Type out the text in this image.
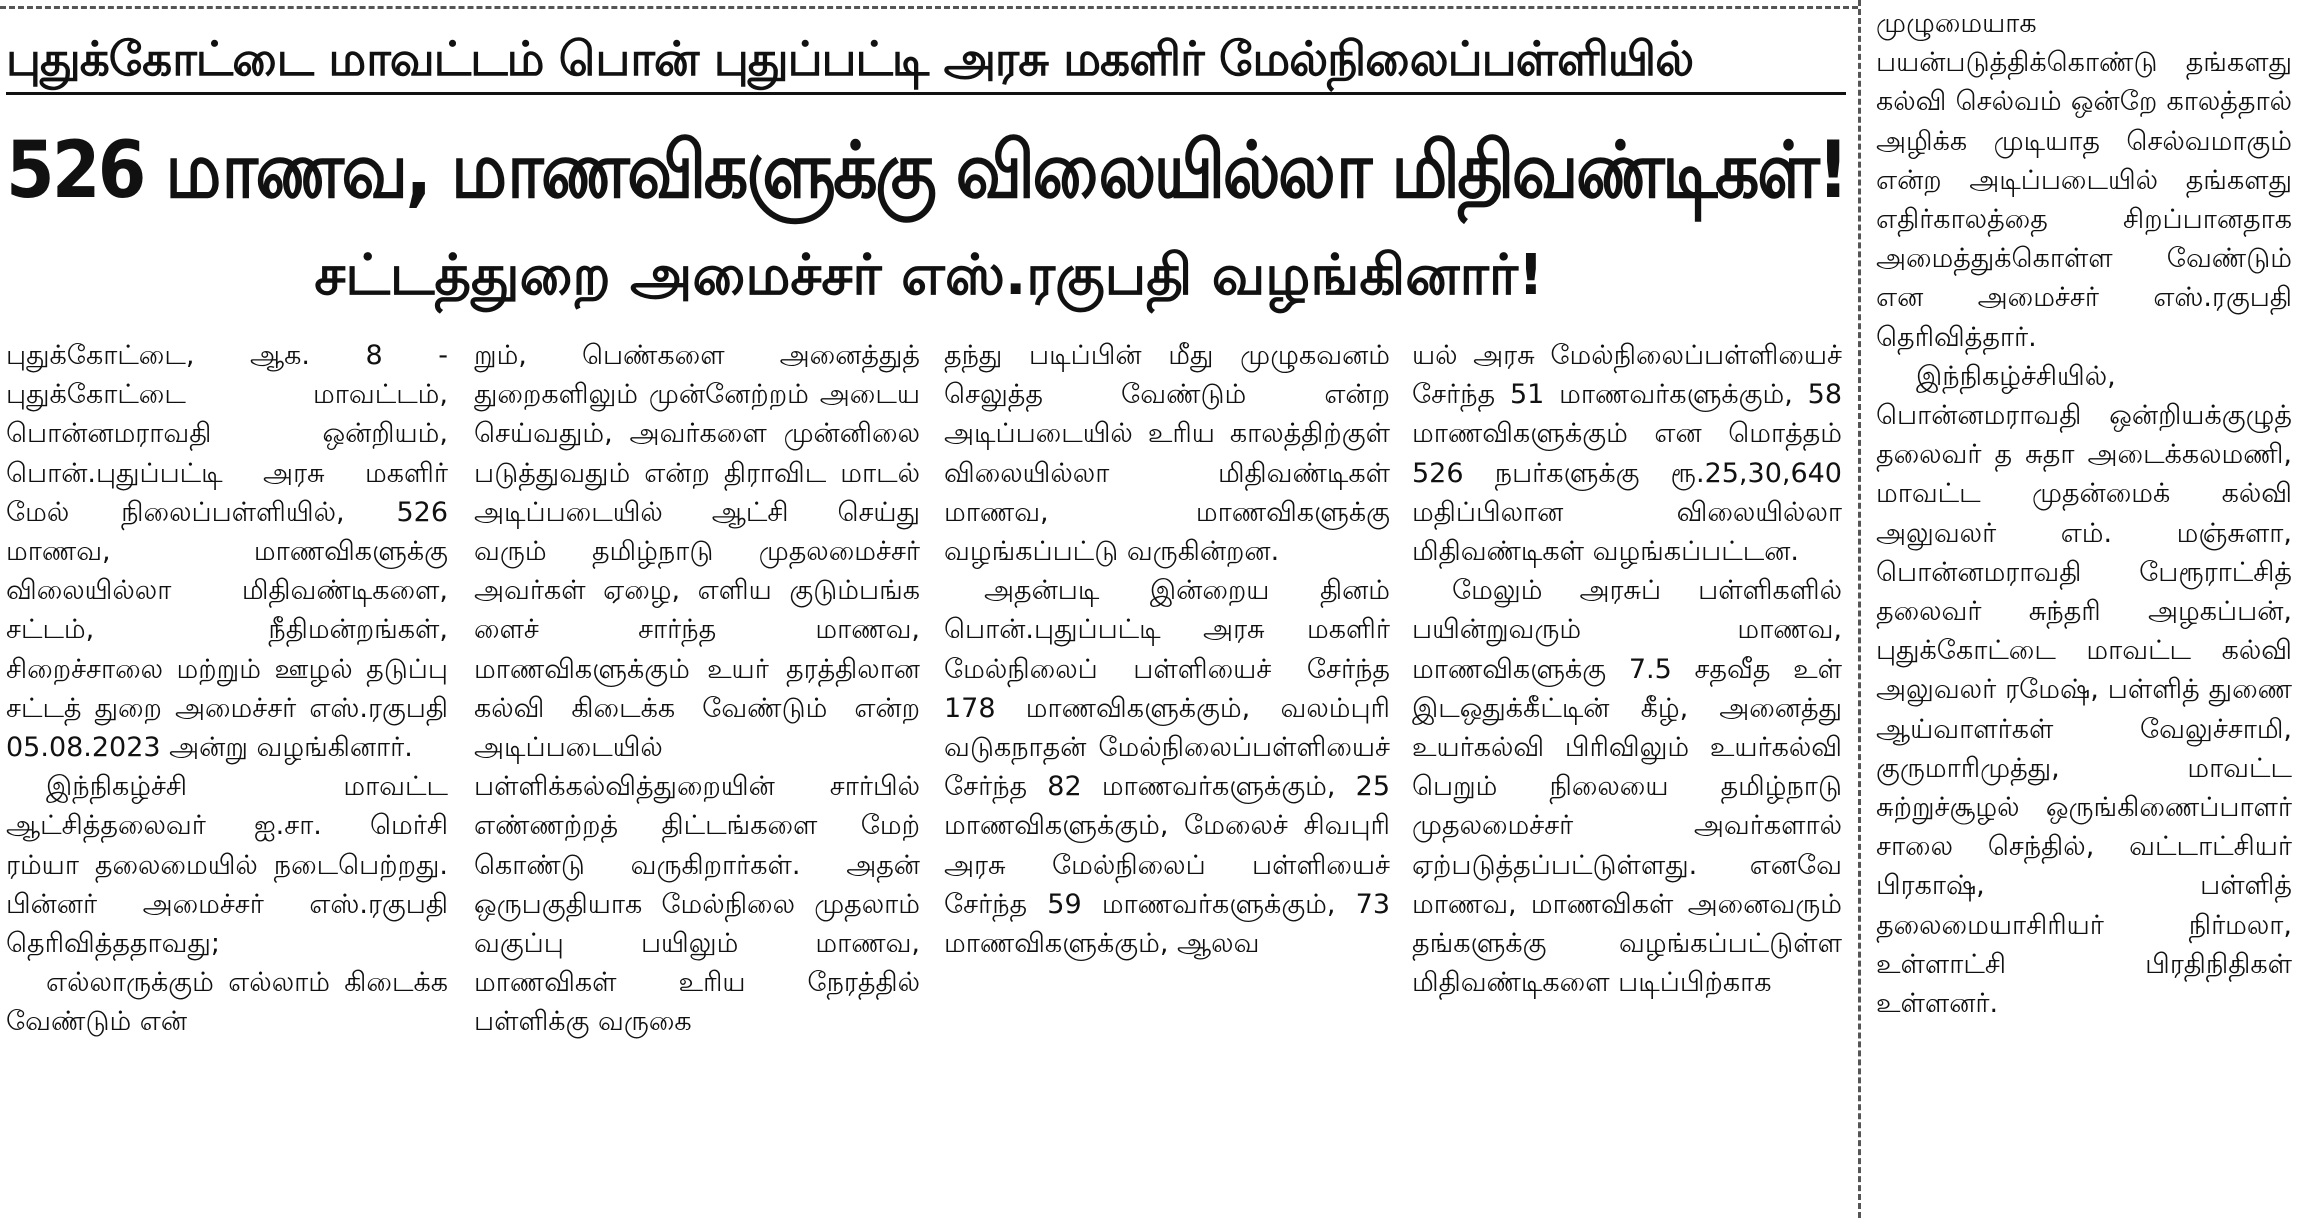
புதுக்கோட்டை மாவட்டம் பொன் புதுப்பட்டி அரசு மகளிர் மேல்நிலைப்பள்ளியில்
526 மாணவ, மாணவிகளுக்கு விலையில்லா மிதிவண்டிகள்!
சட்டத்துறை அமைச்சர் எஸ்.ரகுபதி வழங்கினார்!

புதுக்கோட்டை, ஆக. 8 - புதுக்கோட்டை மாவட்டம், பொன்னமராவதி ஒன்றியம், பொன்.புதுப்பட்டி அரசு மகளிர் மேல் நிலைப்பள்ளியில், 526 மாணவ, மாணவிகளுக்கு விலையில்லா மிதிவண்டிகளை, சட்டம், நீதிமன்றங்கள், சிறைச்சாலை மற்றும் ஊழல் தடுப்பு சட்டத் துறை அமைச்சர் எஸ்.ரகுபதி 05.08.2023 அன்று வழங்கினார்.

இந்நிகழ்ச்சி மாவட்ட ஆட்சித்தலைவர் ஐ.சா. மெர்சி ரம்யா தலைமையில் நடைபெற்றது. பின்னர் அமைச்சர் எஸ்.ரகுபதி தெரிவித்ததாவது;

எல்லாருக்கும் எல்லாம் கிடைக்க வேண்டும் என்

றும், பெண்களை அனைத்துத் துறைகளிலும் முன்னேற்றம் அடைய செய்வதும், அவர்களை முன்னிலை படுத்துவதும் என்ற திராவிட மாடல் அடிப்படையில் ஆட்சி செய்து வரும் தமிழ்நாடு முதலமைச்சர் அவர்கள் ஏழை, எளிய குடும்பங்க ளைச் சார்ந்த மாணவ, மாணவிகளுக்கும் உயர் தரத்திலான கல்வி கிடைக்க வேண்டும் என்ற அடிப்படையில் பள்ளிக்கல்வித்துறையின் சார்பில் எண்ணற்றத் திட்டங்களை மேற் கொண்டு வருகிறார்கள். அதன் ஒருபகுதியாக மேல்நிலை முதலாம் வகுப்பு பயிலும் மாணவ, மாணவிகள் உரிய நேரத்தில் பள்ளிக்கு வருகை

தந்து படிப்பின் மீது முழுகவனம் செலுத்த வேண்டும் என்ற அடிப்படையில் உரிய காலத்திற்குள் விலையில்லா மிதிவண்டிகள் மாணவ, மாணவிகளுக்கு வழங்கப்பட்டு வருகின்றன.

அதன்படி இன்றைய தினம் பொன்.புதுப்பட்டி அரசு மகளிர் மேல்நிலைப் பள்ளியைச் சேர்ந்த 178 மாணவிகளுக்கும், வலம்புரி வடுகநாதன் மேல்நிலைப்பள்ளியைச் சேர்ந்த 82 மாணவர்களுக்கும், 25 மாணவிகளுக்கும், மேலைச் சிவபுரி அரசு மேல்நிலைப் பள்ளியைச் சேர்ந்த 59 மாணவர்களுக்கும், 73 மாணவிகளுக்கும், ஆலவ

யல் அரசு மேல்நிலைப்பள்ளியைச் சேர்ந்த 51 மாணவர்களுக்கும், 58 மாணவிகளுக்கும் என மொத்தம் 526 நபர்களுக்கு ரூ.25,30,640 மதிப்பிலான விலையில்லா மிதிவண்டிகள் வழங்கப்பட்டன.

மேலும் அரசுப் பள்ளிகளில் பயின்றுவரும் மாணவ, மாணவிகளுக்கு 7.5 சதவீத உள் இடஒதுக்கீட்டின் கீழ், அனைத்து உயர்கல்வி பிரிவிலும் உயர்கல்வி பெறும் நிலையை தமிழ்நாடு முதலமைச்சர் அவர்களால் ஏற்படுத்தப்பட்டுள்ளது. எனவே மாணவ, மாணவிகள் அனைவரும் தங்களுக்கு வழங்கப்பட்டுள்ள மிதிவண்டிகளை படிப்பிற்காக

முழுமையாக பயன்படுத்திக்கொண்டு தங்களது கல்வி செல்வம் ஒன்றே காலத்தால் அழிக்க முடியாத செல்வமாகும் என்ற அடிப்படையில் தங்களது எதிர்காலத்தை சிறப்பானதாக அமைத்துக்கொள்ள வேண்டும் என அமைச்சர் எஸ்.ரகுபதி தெரிவித்தார்.

இந்நிகழ்ச்சியில், பொன்னமராவதி ஒன்றியக்குழுத் தலைவர் த சுதா அடைக்கலமணி, மாவட்ட முதன்மைக் கல்வி அலுவலர் எம். மஞ்சுளா, பொன்னமராவதி பேரூராட்சித் தலைவர் சுந்தரி அழகப்பன், புதுக்கோட்டை மாவட்ட கல்வி அலுவலர் ரமேஷ், பள்ளித் துணை ஆய்வாளர்கள் வேலுச்சாமி, குருமாரிமுத்து, மாவட்ட சுற்றுச்சூழல் ஒருங்கிணைப்பாளர் சாலை செந்தில், வட்டாட்சியர் பிரகாஷ், பள்ளித் தலைமையாசிரியர் நிர்மலா, உள்ளாட்சி பிரதிநிதிகள் உள்ளனர்.
